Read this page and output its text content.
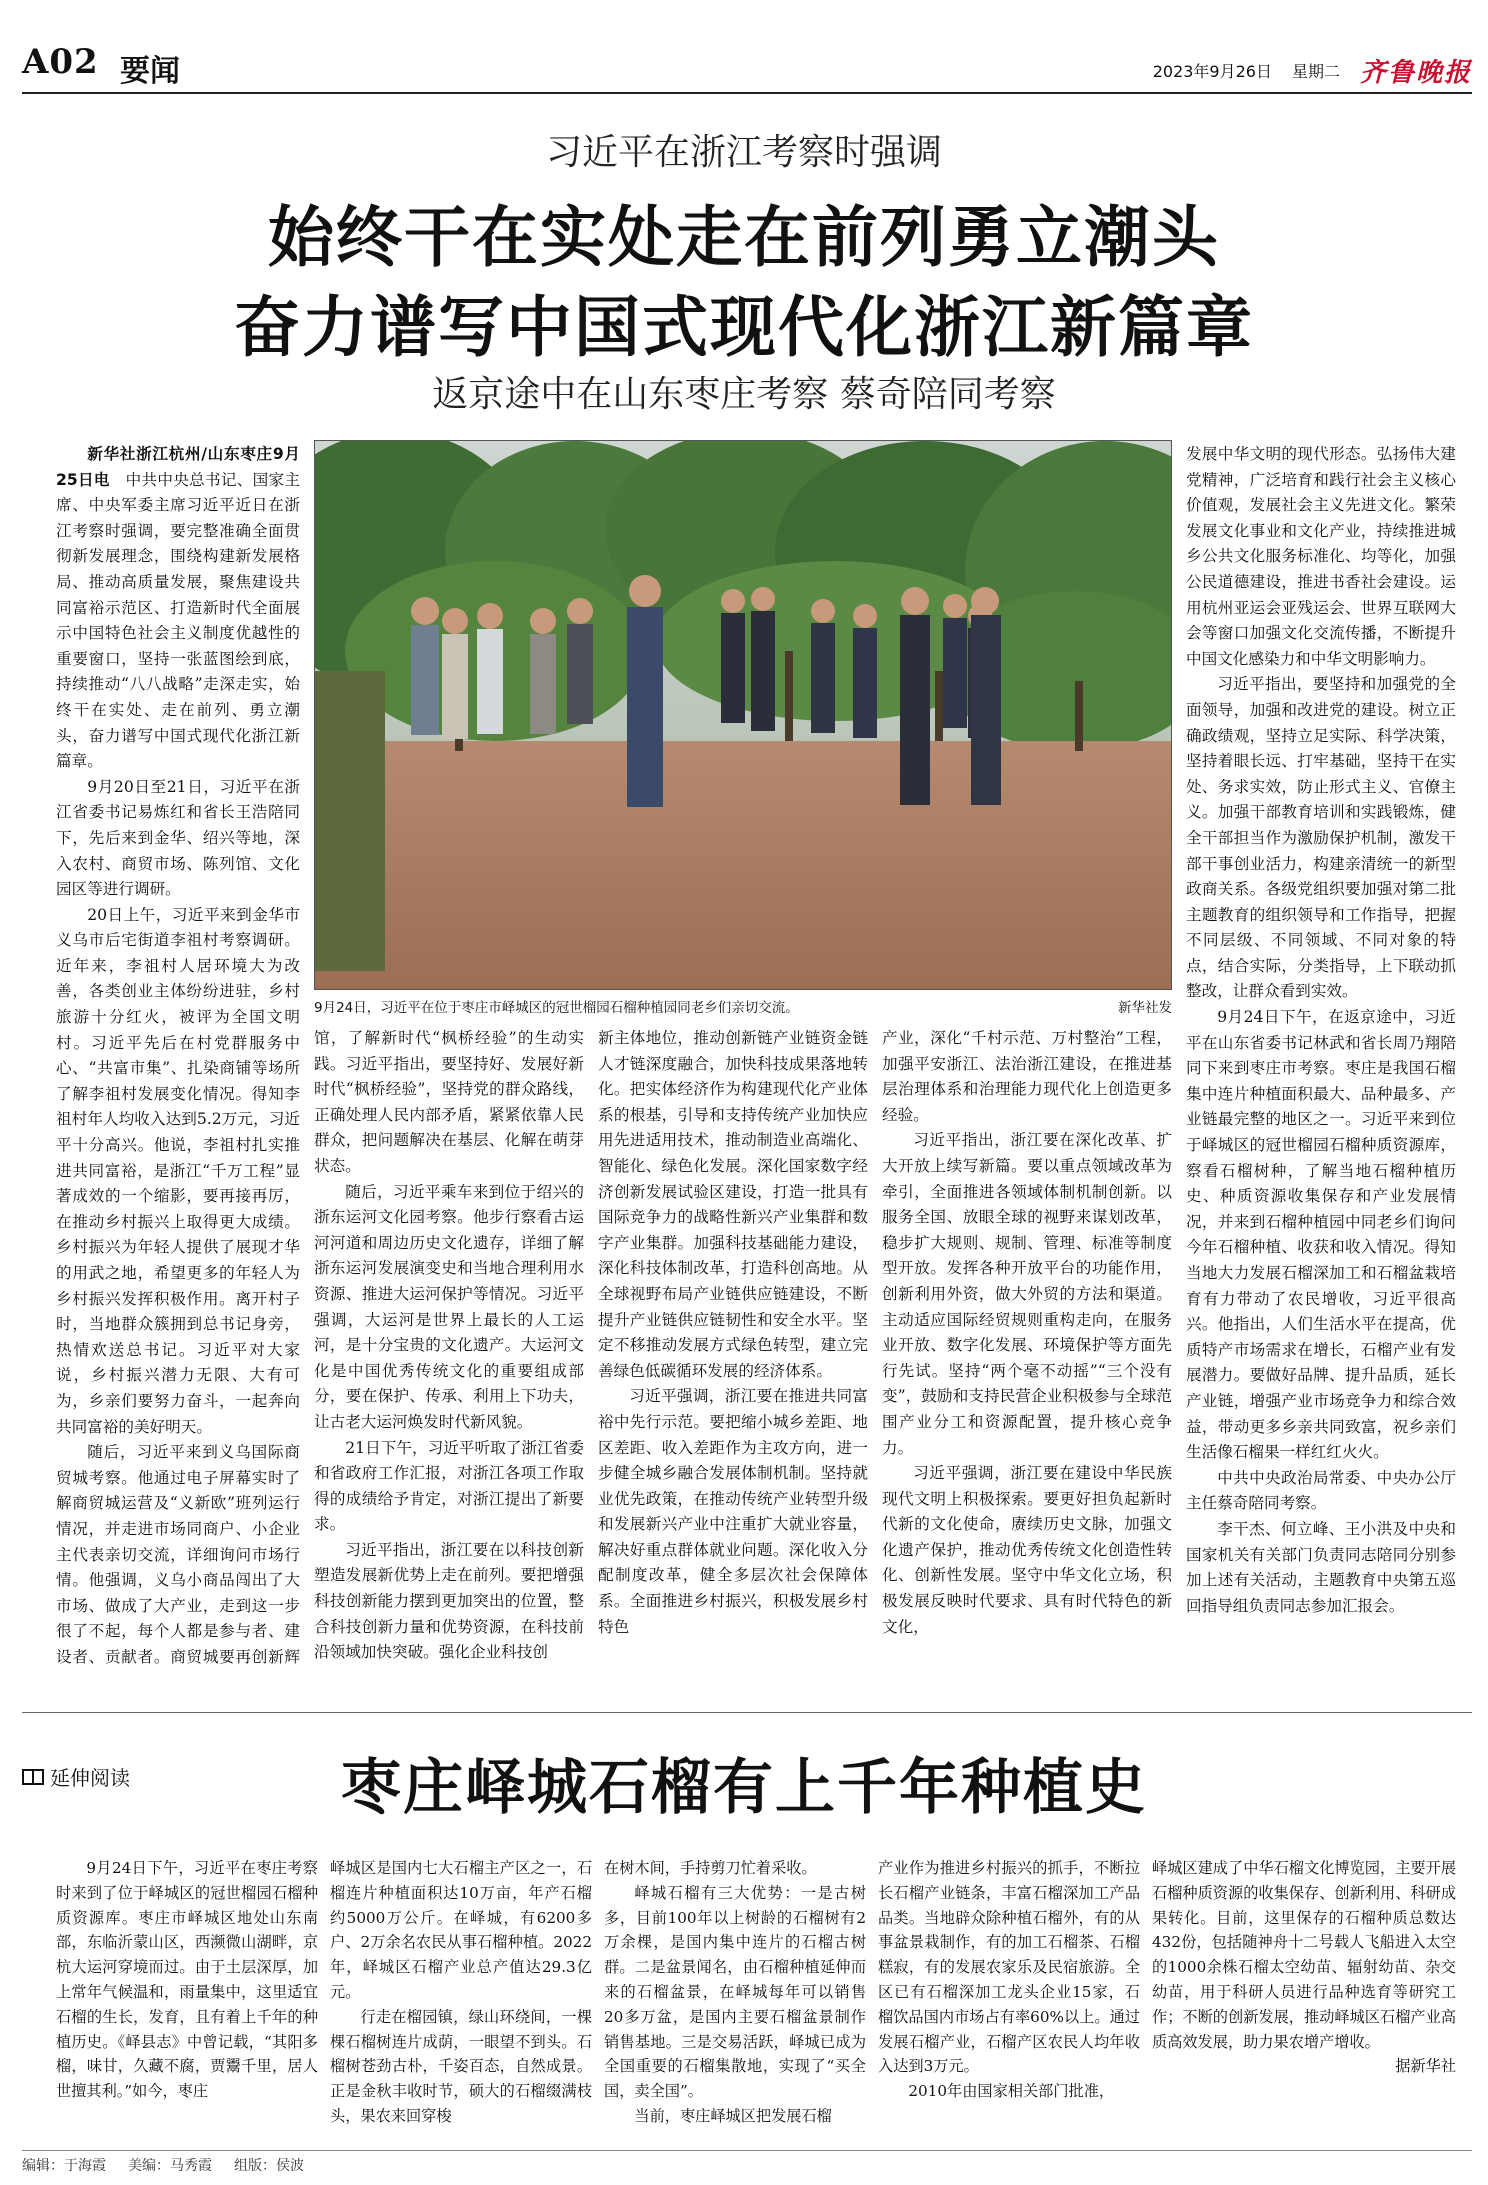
A02 要闻	2023年9月26日 星期二 齐鲁晚报
习近平在浙江考察时强调
始终干在实处走在前列勇立潮头
奋力谱写中国式现代化浙江新篇章
返京途中在山东枣庄考察 蔡奇陪同考察

新华社浙江杭州/山东枣庄9月25日电　 中共中央总书记、国家主席、中央军委主席习近平近日在浙江考察时强调，要完整准确全面贯彻新发展理念，围绕构建新发展格局、推动高质量发展，聚焦建设共同富裕示范区、打造新时代全面展示中国特色社会主义制度优越性的重要窗口，坚持一张蓝图绘到底，持续推动“八八战略”走深走实，始终干在实处、走在前列、勇立潮头，奋力谱写中国式现代化浙江新篇章。

9月20日至21日，习近平在浙江省委书记易炼红和省长王浩陪同下，先后来到金华、绍兴等地，深入农村、商贸市场、陈列馆、文化园区等进行调研。

20日上午，习近平来到金华市义乌市后宅街道李祖村考察调研。近年来，李祖村人居环境大为改善，各类创业主体纷纷进驻，乡村旅游十分红火，被评为全国文明村。习近平先后在村党群服务中心、“共富市集”、扎染商铺等场所了解李祖村发展变化情况。得知李祖村年人均收入达到5.2万元，习近平十分高兴。他说，李祖村扎实推进共同富裕，是浙江“千万工程”显著成效的一个缩影，要再接再厉，在推动乡村振兴上取得更大成绩。乡村振兴为年轻人提供了展现才华的用武之地，希望更多的年轻人为乡村振兴发挥积极作用。离开村子时，当地群众簇拥到总书记身旁，热情欢送总书记。习近平对大家说，乡村振兴潜力无限、大有可为，乡亲们要努力奋斗，一起奔向共同富裕的美好明天。

随后，习近平来到义乌国际商贸城考察。他通过电子屏幕实时了解商贸城运营及“义新欧”班列运行情况，并走进市场同商户、小企业主代表亲切交流，详细询问市场行情。他强调，义乌小商品闯出了大市场、做成了大产业，走到这一步很了不起，每个人都是参与者、建设者、贡献者。商贸城要再创新辉

9月24日，习近平在位于枣庄市峄城区的冠世榴园石榴种植园同老乡们亲切交流。	新华社发

馆，了解新时代“枫桥经验”的生动实践。习近平指出，要坚持好、发展好新时代“枫桥经验”，坚持党的群众路线，正确处理人民内部矛盾，紧紧依靠人民群众，把问题解决在基层、化解在萌芽状态。

随后，习近平乘车来到位于绍兴的浙东运河文化园考察。他步行察看古运河河道和周边历史文化遗存，详细了解浙东运河发展演变史和当地合理利用水资源、推进大运河保护等情况。习近平强调，大运河是世界上最长的人工运河，是十分宝贵的文化遗产。大运河文化是中国优秀传统文化的重要组成部分，要在保护、传承、利用上下功夫，让古老大运河焕发时代新风貌。

21日下午，习近平听取了浙江省委和省政府工作汇报，对浙江各项工作取得的成绩给予肯定，对浙江提出了新要求。

习近平指出，浙江要在以科技创新塑造发展新优势上走在前列。要把增强科技创新能力摆到更加突出的位置，整合科技创新力量和优势资源，在科技前沿领域加快突破。强化企业科技创

新主体地位，推动创新链产业链资金链人才链深度融合，加快科技成果落地转化。把实体经济作为构建现代化产业体系的根基，引导和支持传统产业加快应用先进适用技术，推动制造业高端化、智能化、绿色化发展。深化国家数字经济创新发展试验区建设，打造一批具有国际竞争力的战略性新兴产业集群和数字产业集群。加强科技基础能力建设，深化科技体制改革，打造科创高地。从全球视野布局产业链供应链建设，不断提升产业链供应链韧性和安全水平。坚定不移推动发展方式绿色转型，建立完善绿色低碳循环发展的经济体系。

习近平强调，浙江要在推进共同富裕中先行示范。要把缩小城乡差距、地区差距、收入差距作为主攻方向，进一步健全城乡融合发展体制机制。坚持就业优先政策，在推动传统产业转型升级和发展新兴产业中注重扩大就业容量，解决好重点群体就业问题。深化收入分配制度改革，健全多层次社会保障体系。全面推进乡村振兴，积极发展乡村特色

产业，深化“千村示范、万村整治”工程，加强平安浙江、法治浙江建设，在推进基层治理体系和治理能力现代化上创造更多经验。

习近平指出，浙江要在深化改革、扩大开放上续写新篇。要以重点领域改革为牵引，全面推进各领域体制机制创新。以服务全国、放眼全球的视野来谋划改革，稳步扩大规则、规制、管理、标准等制度型开放。发挥各种开放平台的功能作用，创新利用外资，做大外贸的方法和渠道。主动适应国际经贸规则重构走向，在服务业开放、数字化发展、环境保护等方面先行先试。坚持“两个毫不动摇”“三个没有变”，鼓励和支持民营企业积极参与全球范围产业分工和资源配置，提升核心竞争力。

习近平强调，浙江要在建设中华民族现代文明上积极探索。要更好担负起新时代新的文化使命，赓续历史文脉，加强文化遗产保护，推动优秀传统文化创造性转化、创新性发展。坚守中华文化立场，积极发展反映时代要求、具有时代特色的新文化，

发展中华文明的现代形态。弘扬伟大建党精神，广泛培育和践行社会主义核心价值观，发展社会主义先进文化。繁荣发展文化事业和文化产业，持续推进城乡公共文化服务标准化、均等化，加强公民道德建设，推进书香社会建设。运用杭州亚运会亚残运会、世界互联网大会等窗口加强文化交流传播，不断提升中国文化感染力和中华文明影响力。

习近平指出，要坚持和加强党的全面领导，加强和改进党的建设。树立正确政绩观，坚持立足实际、科学决策，坚持着眼长远、打牢基础，坚持干在实处、务求实效，防止形式主义、官僚主义。加强干部教育培训和实践锻炼，健全干部担当作为激励保护机制，激发干部干事创业活力，构建亲清统一的新型政商关系。各级党组织要加强对第二批主题教育的组织领导和工作指导，把握不同层级、不同领域、不同对象的特点，结合实际，分类指导，上下联动抓整改，让群众看到实效。

9月24日下午，在返京途中，习近平在山东省委书记林武和省长周乃翔陪同下来到枣庄市考察。枣庄是我国石榴集中连片种植面积最大、品种最多、产业链最完整的地区之一。习近平来到位于峄城区的冠世榴园石榴种质资源库，察看石榴树种，了解当地石榴种植历史、种质资源收集保存和产业发展情况，并来到石榴种植园中同老乡们询问今年石榴种植、收获和收入情况。得知当地大力发展石榴深加工和石榴盆栽培育有力带动了农民增收，习近平很高兴。他指出，人们生活水平在提高，优质特产市场需求在增长，石榴产业有发展潜力。要做好品牌、提升品质，延长产业链，增强产业市场竞争力和综合效益，带动更多乡亲共同致富，祝乡亲们生活像石榴果一样红红火火。

中共中央政治局常委、中央办公厅主任蔡奇陪同考察。

李干杰、何立峰、王小洪及中央和国家机关有关部门负责同志陪同分别参加上述有关活动，主题教育中央第五巡回指导组负责同志参加汇报会。

延伸阅读	枣庄峄城石榴有上千年种植史

9月24日下午，习近平在枣庄考察时来到了位于峄城区的冠世榴园石榴种质资源库。枣庄市峄城区地处山东南部，东临沂蒙山区，西濒微山湖畔，京杭大运河穿境而过。由于土层深厚，加上常年气候温和，雨量集中，这里适宜石榴的生长，发育，且有着上千年的种植历史。《峄县志》中曾记载，“其阳多榴，味甘，久藏不腐，贾鬻千里，居人世擅其利。”如今，枣庄

峄城区是国内七大石榴主产区之一，石榴连片种植面积达10万亩，年产石榴约5000万公斤。在峄城，有6200多户、2万余名农民从事石榴种植。2022年，峄城区石榴产业总产值达29.3亿元。

行走在榴园镇，绿山环绕间，一棵棵石榴树连片成荫，一眼望不到头。石榴树苍劲古朴，千姿百态，自然成景。正是金秋丰收时节，硕大的石榴缀满枝头，果农来回穿梭

在树木间，手持剪刀忙着采收。

峄城石榴有三大优势：一是古树多，目前100年以上树龄的石榴树有2万余棵，是国内集中连片的石榴古树群。二是盆景闻名，由石榴种植延伸而来的石榴盆景，在峄城每年可以销售20多万盆，是国内主要石榴盆景制作销售基地。三是交易活跃，峄城已成为全国重要的石榴集散地，实现了“买全国，卖全国”。

当前，枣庄峄城区把发展石榴

产业作为推进乡村振兴的抓手，不断拉长石榴产业链条，丰富石榴深加工产品品类。当地辟众除种植石榴外，有的从事盆景栽制作，有的加工石榴茶、石榴糕寂，有的发展农家乐及民宿旅游。全区已有石榴深加工龙头企业15家，石榴饮品国内市场占有率60%以上。通过发展石榴产业，石榴产区农民人均年收入达到3万元。

2010年由国家相关部门批准，

峄城区建成了中华石榴文化博览园，主要开展石榴种质资源的收集保存、创新利用、科研成果转化。目前，这里保存的石榴种质总数达432份，包括随神舟十二号载人飞船进入太空的1000余株石榴太空幼苗、辐射幼苗、杂交幼苗，用于科研人员进行品种选育等研究工作；不断的创新发展，推动峄城区石榴产业高质高效发展，助力果农增产增收。

据新华社

编辑：于海霞 美编：马秀霞 组版：侯波
